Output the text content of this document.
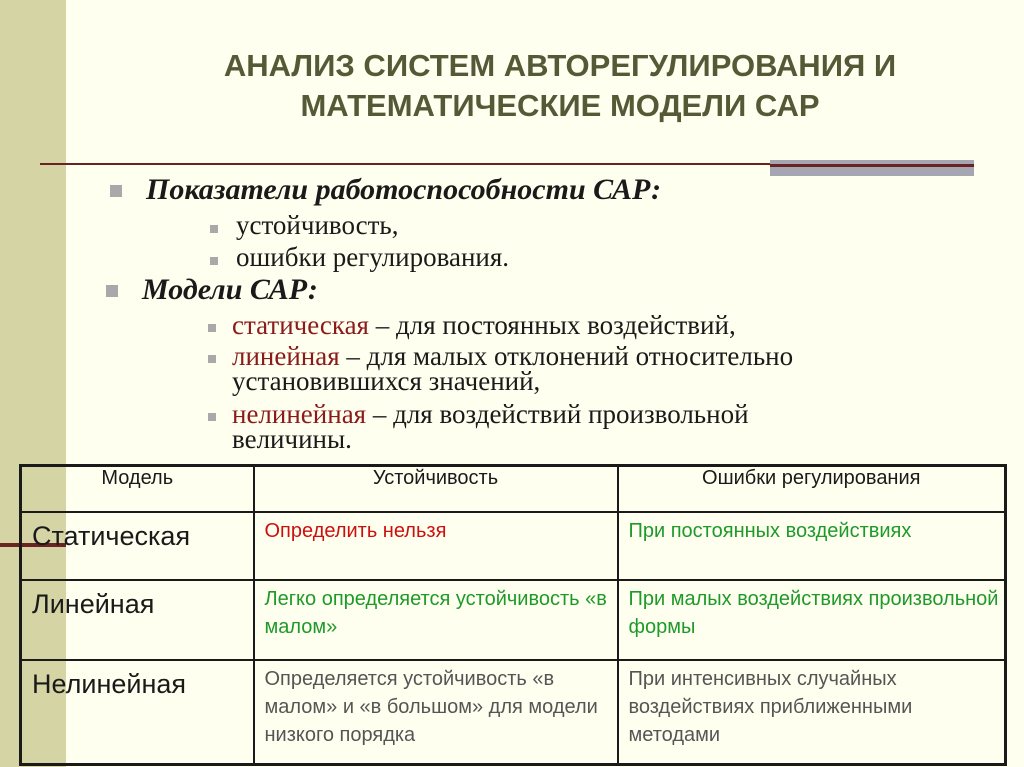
АНАЛИЗ СИСТЕМ АВТОРЕГУЛИРОВАНИЯ И
МАТЕМАТИЧЕСКИЕ МОДЕЛИ САР
Показатели работоспособности САР:
устойчивость,
ошибки регулирования.
Модели САР:
статическая – для постоянных воздействий,
линейная – для малых отклонений относительно
установившихся значений,
нелинейная – для воздействий произвольной
величины.
Модель	Устойчивость	Ошибки регулирования
Статическая	Определить нельзя	При постоянных воздействиях
Линейная	Легко определяется устойчивость «в малом»	При малых воздействиях произвольной формы
Нелинейная	Определяется устойчивость «в малом» и «в большом» для модели низкого порядка	При интенсивных случайных воздействиях приближенными методами
